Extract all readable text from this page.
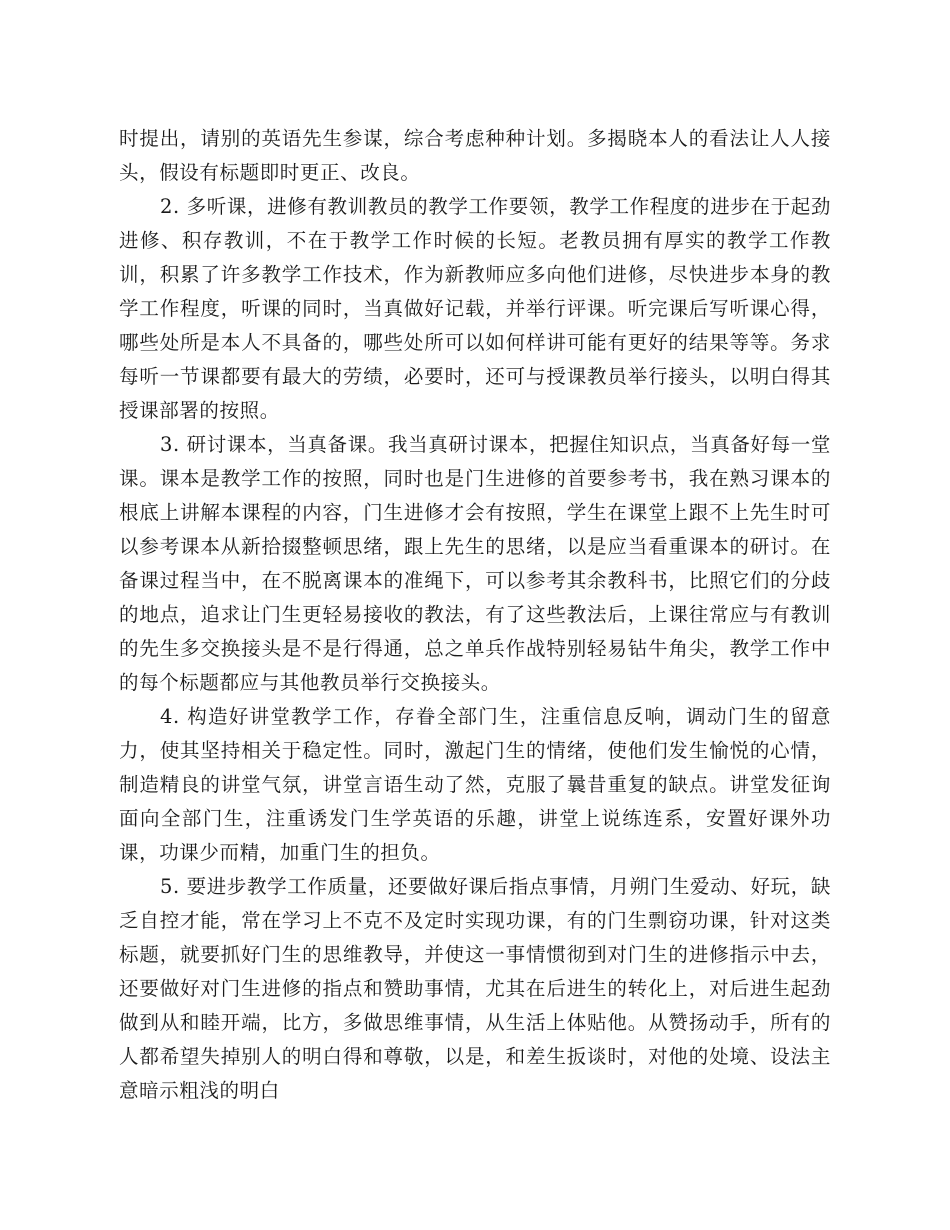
时提出，请别的英语先生参谋，综合考虑种种计划。多揭晓本人的看法让人人接头，假设有标题即时更正、改良。

2. 多听课，进修有教训教员的教学工作要领，教学工作程度的进步在于起劲进修、积存教训，不在于教学工作时候的长短。老教员拥有厚实的教学工作教训，积累了许多教学工作技术，作为新教师应多向他们进修，尽快进步本身的教学工作程度，听课的同时，当真做好记载，并举行评课。听完课后写听课心得，哪些处所是本人不具备的，哪些处所可以如何样讲可能有更好的结果等等。务求每听一节课都要有最大的劳绩，必要时，还可与授课教员举行接头，以明白得其授课部署的按照。

3. 研讨课本，当真备课。我当真研讨课本，把握住知识点，当真备好每一堂课。课本是教学工作的按照，同时也是门生进修的首要参考书，我在熟习课本的根底上讲解本课程的内容，门生进修才会有按照，学生在课堂上跟不上先生时可以参考课本从新拾掇整顿思绪，跟上先生的思绪，以是应当看重课本的研讨。在备课过程当中，在不脱离课本的准绳下，可以参考其余教科书，比照它们的分歧的地点，追求让门生更轻易接收的教法，有了这些教法后，上课往常应与有教训的先生多交换接头是不是行得通，总之单兵作战特别轻易钻牛角尖，教学工作中的每个标题都应与其他教员举行交换接头。

4. 构造好讲堂教学工作，存眷全部门生，注重信息反响，调动门生的留意力，使其坚持相关于稳定性。同时，激起门生的情绪，使他们发生愉悦的心情，制造精良的讲堂气氛，讲堂言语生动了然，克服了曩昔重复的缺点。讲堂发征询面向全部门生，注重诱发门生学英语的乐趣，讲堂上说练连系，安置好课外功课，功课少而精，加重门生的担负。

5. 要进步教学工作质量，还要做好课后指点事情，月朔门生爱动、好玩，缺乏自控才能，常在学习上不克不及定时实现功课，有的门生剽窃功课，针对这类标题，就要抓好门生的思维教导，并使这一事情惯彻到对门生的进修指示中去，还要做好对门生进修的指点和赞助事情，尤其在后进生的转化上，对后进生起劲做到从和睦开端，比方，多做思维事情，从生活上体贴他。从赞扬动手，所有的人都希望失掉别人的明白得和尊敬，以是，和差生扳谈时，对他的处境、设法主意暗示粗浅的明白
